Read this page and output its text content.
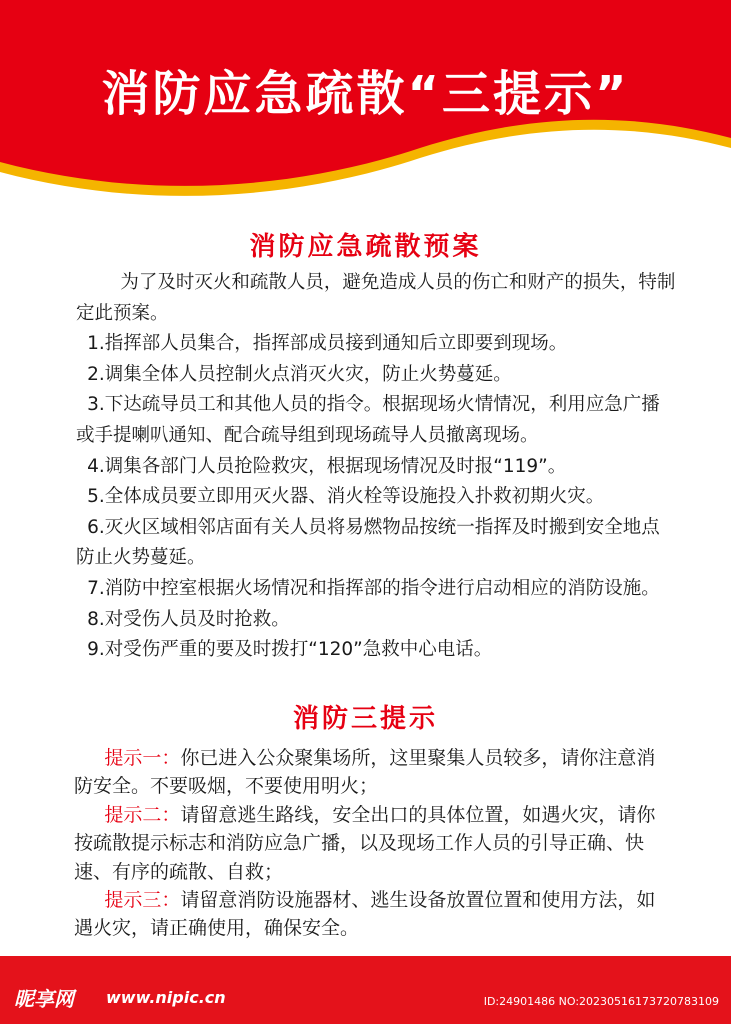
消防应急疏散“三提示”
消防应急疏散预案

为了及时灭火和疏散人员，避免造成人员的伤亡和财产的损失，特制定此预案。

1.指挥部人员集合，指挥部成员接到通知后立即要到现场。

2.调集全体人员控制火点消灭火灾，防止火势蔓延。

3.下达疏导员工和其他人员的指令。根据现场火情情况，利用应急广播或手提喇叭通知、配合疏导组到现场疏导人员撤离现场。

4.调集各部门人员抢险救灾，根据现场情况及时报“119”。

5.全体成员要立即用灭火器、消火栓等设施投入扑救初期火灾。

6.灭火区域相邻店面有关人员将易燃物品按统一指挥及时搬到安全地点防止火势蔓延。

7.消防中控室根据火场情况和指挥部的指令进行启动相应的消防设施。

8.对受伤人员及时抢救。

9.对受伤严重的要及时拨打“120”急救中心电话。

消防三提示

提示一：你已进入公众聚集场所，这里聚集人员较多，请你注意消防安全。不要吸烟，不要使用明火；

提示二：请留意逃生路线，安全出口的具体位置，如遇火灾，请你按疏散提示标志和消防应急广播，以及现场工作人员的引导正确、快速、有序的疏散、自救；

提示三：请留意消防设施器材、逃生设备放置位置和使用方法，如遇火灾，请正确使用，确保安全。

昵享网 www.nipic.cn	ID:24901486 NO:20230516173720783109
